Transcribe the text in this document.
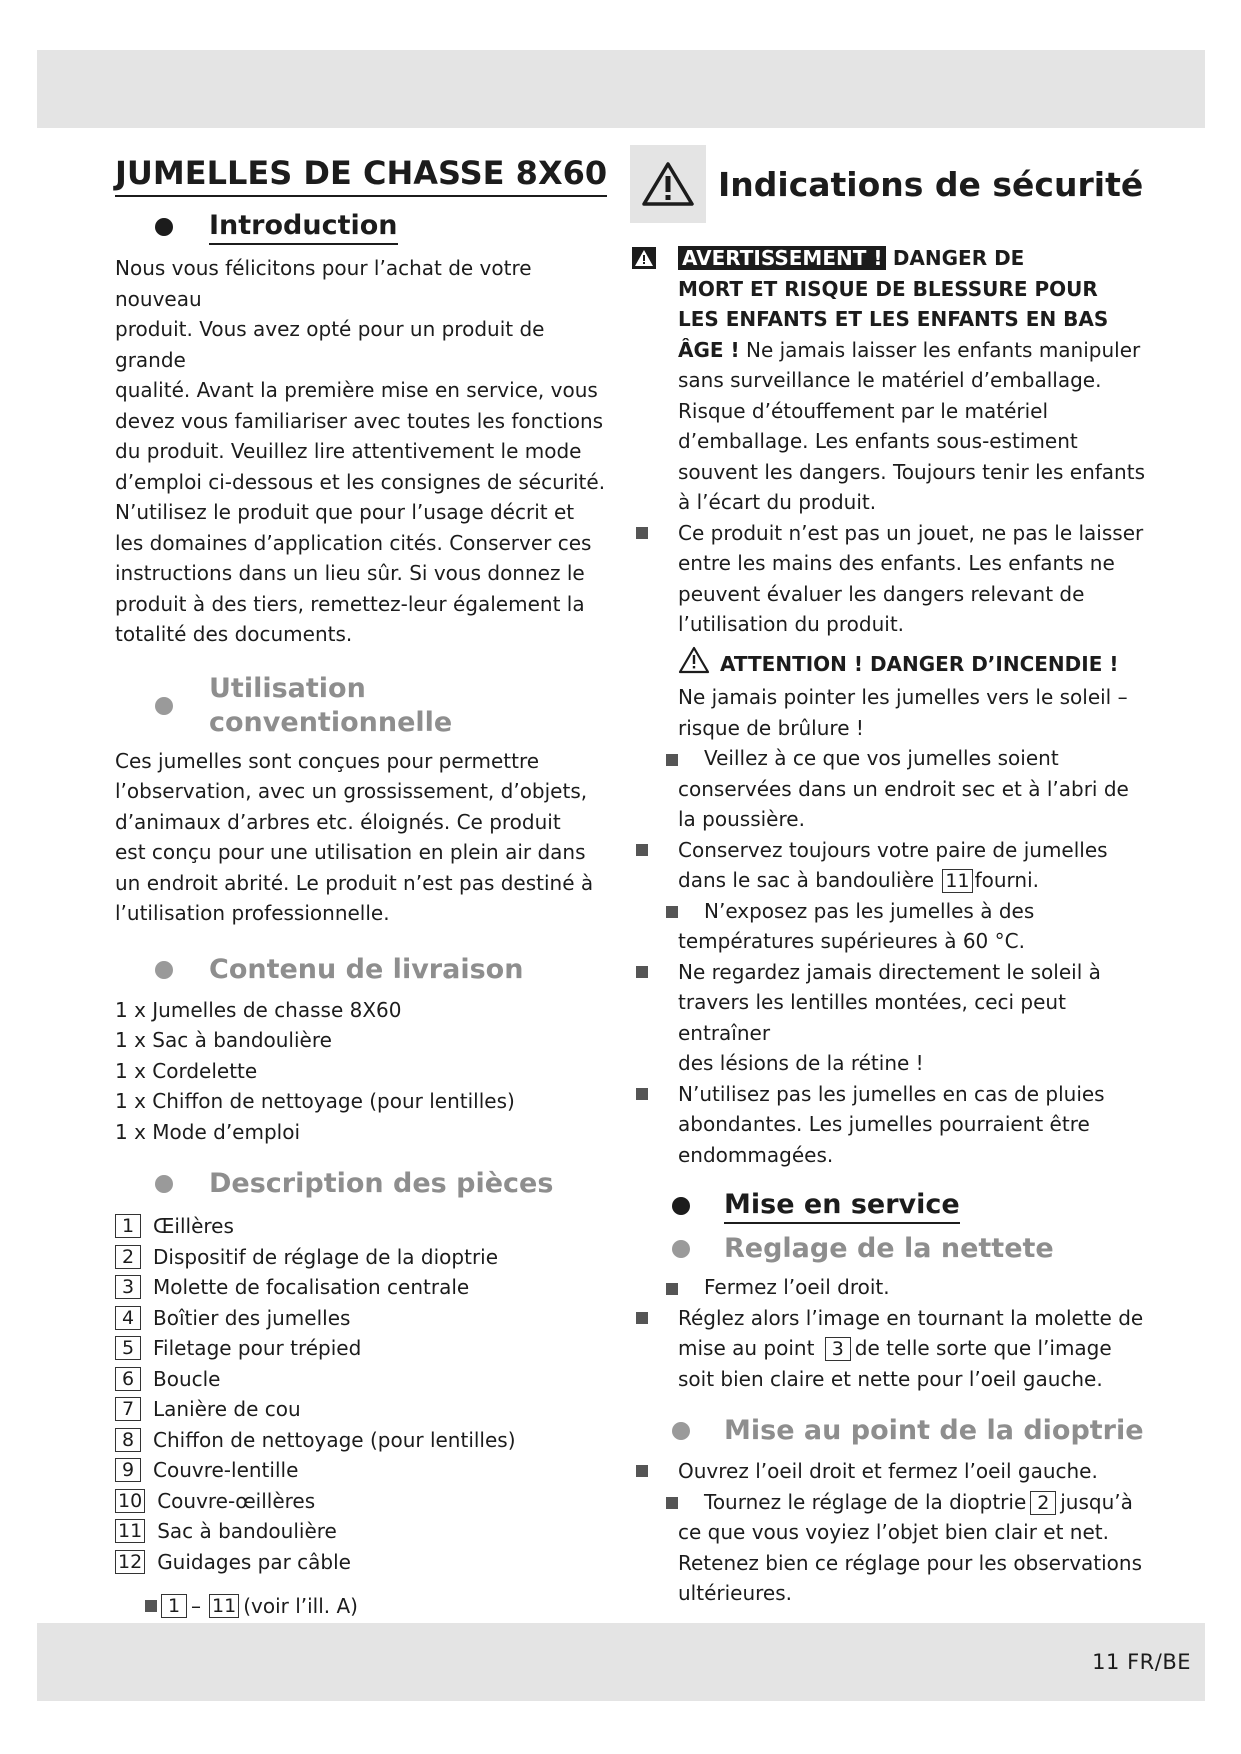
JUMELLES DE CHASSE 8X60
Introduction
Nous vous félicitons pour l’achat de votre nouveau
produit. Vous avez opté pour un produit de grande
qualité. Avant la première mise en service, vous
devez vous familiariser avec toutes les fonctions
du produit. Veuillez lire attentivement le mode
d’emploi ci-dessous et les consignes de sécurité.
N’utilisez le produit que pour l’usage décrit et
les domaines d’application cités. Conserver ces
instructions dans un lieu sûr. Si vous donnez le
produit à des tiers, remettez-leur également la
totalité des documents.
Utilisation conventionnelle
Ces jumelles sont conçues pour permettre
l’observation, avec un grossissement, d’objets,
d’animaux d’arbres etc. éloignés. Ce produit
est conçu pour une utilisation en plein air dans
un endroit abrité. Le produit n’est pas destiné à
l’utilisation professionnelle.
Contenu de livraison
1 x Jumelles de chasse 8X60
1 x Sac à bandoulière
1 x Cordelette
1 x Chiffon de nettoyage (pour lentilles)
1 x Mode d’emploi
Description des pièces
1 Œillères
2 Dispositif de réglage de la dioptrie
3 Molette de focalisation centrale
4 Boîtier des jumelles
5 Filetage pour trépied
6 Boucle
7 Lanière de cou
8 Chiffon de nettoyage (pour lentilles)
9 Couvre-lentille
10 Couvre-œillères
11 Sac à bandoulière
12 Guidages par câble
1 – 11 (voir l’ill. A)
Indications de sécurité
AVERTISSEMENT ! DANGER DE
MORT ET RISQUE DE BLESSURE POUR
LES ENFANTS ET LES ENFANTS EN BAS
ÂGE ! Ne jamais laisser les enfants manipuler
sans surveillance le matériel d’emballage.
Risque d’étouffement par le matériel
d’emballage. Les enfants sous-estiment
souvent les dangers. Toujours tenir les enfants
à l’écart du produit.
Ce produit n’est pas un jouet, ne pas le laisser
entre les mains des enfants. Les enfants ne
peuvent évaluer les dangers relevant de
l’utilisation du produit.
ATTENTION ! DANGER D’INCENDIE !
Ne jamais pointer les jumelles vers le soleil –
risque de brûlure !
Veillez à ce que vos jumelles soient
conservées dans un endroit sec et à l’abri de
la poussière.
Conservez toujours votre paire de jumelles
dans le sac à bandoulière 11 fourni.
N’exposez pas les jumelles à des
températures supérieures à 60 °C.
Ne regardez jamais directement le soleil à
travers les lentilles montées, ceci peut entraîner
des lésions de la rétine !
N’utilisez pas les jumelles en cas de pluies
abondantes. Les jumelles pourraient être
endommagées.
Mise en service
Reglage de la nettete
Fermez l’oeil droit.
Réglez alors l’image en tournant la molette de
mise au point 3 de telle sorte que l’image
soit bien claire et nette pour l’oeil gauche.
Mise au point de la dioptrie
Ouvrez l’oeil droit et fermez l’oeil gauche.
Tournez le réglage de la dioptrie 2 jusqu’à
ce que vous voyiez l’objet bien clair et net.
Retenez bien ce réglage pour les observations
ultérieures.
11 FR/BE
